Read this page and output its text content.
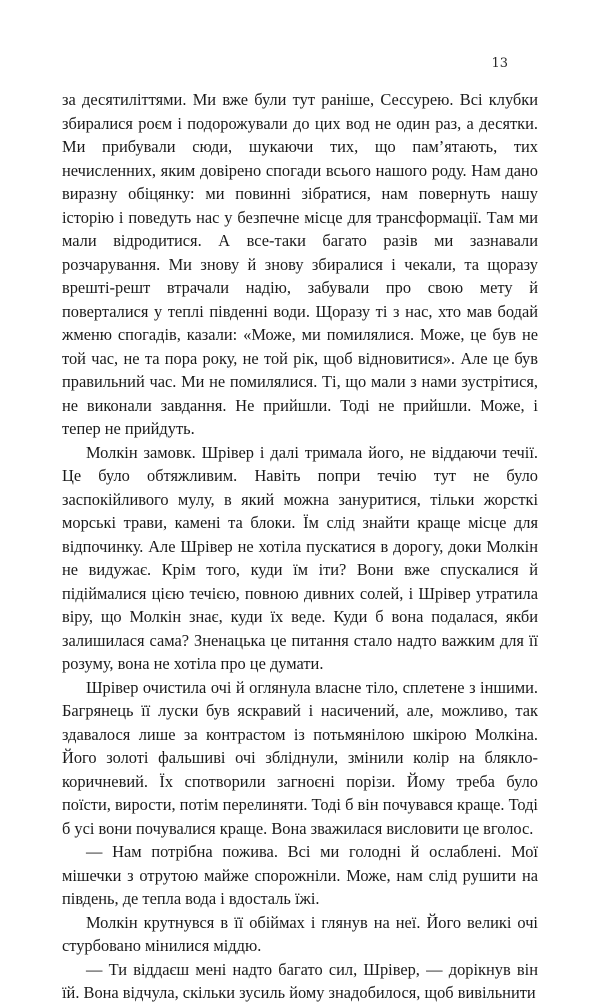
13

за десятиліттями. Ми вже були тут раніше, Сессурею. Всі клубки збиралися роєм і подорожували до цих вод не один раз, а десятки. Ми прибували сюди, шукаючи тих, що пам’ятають, тих нечисленних, яким довірено спогади всього нашого роду. Нам дано виразну обіцянку: ми повинні зібратися, нам повернуть нашу історію і поведуть нас у безпечне місце для трансформації. Там ми мали відродитися. А все-таки багато разів ми зазнавали розчарування. Ми знову й знову збиралися і чекали, та щоразу врешті-решт втрачали надію, забували про свою мету й поверталися у теплі південні води. Щоразу ті з нас, хто мав бодай жменю спогадів, казали: «Може, ми помилялися. Може, це був не той час, не та пора року, не той рік, щоб відновитися». Але це був правильний час. Ми не помилялися. Ті, що мали з нами зустрітися, не виконали завдання. Не прийшли. Тоді не прийшли. Може, і тепер не прийдуть.

Молкін замовк. Шрівер і далі тримала його, не віддаючи течії. Це було обтяжливим. Навіть попри течію тут не було заспокійливого мулу, в який можна зануритися, тільки жорсткі морські трави, камені та блоки. Їм слід знайти краще місце для відпочинку. Але Шрівер не хотіла пускатися в дорогу, доки Молкін не видужає. Крім того, куди їм іти? Вони вже спускалися й підіймалися цією течією, повною дивних солей, і Шрівер утратила віру, що Молкін знає, куди їх веде. Куди б вона подалася, якби залишилася сама? Зненацька це питання стало надто важким для її розуму, вона не хотіла про це думати.

Шрівер очистила очі й оглянула власне тіло, сплетене з іншими. Багрянець її луски був яскравий і насичений, але, можливо, так здавалося лише за контрастом із потьмянілою шкірою Молкіна. Його золоті фальшиві очі збліднули, змінили колір на блякло-коричневий. Їх спотворили загноєні порізи. Йому треба було поїсти, вирости, потім перелиняти. Тоді б він почувався краще. Тоді б усі вони почувалися краще. Вона зважилася висловити це вголос.

— Нам потрібна пожива. Всі ми голодні й ослаблені. Мої мішечки з отрутою майже спорожніли. Може, нам слід рушити на південь, де тепла вода і вдосталь їжі.

Молкін крутнувся в її обіймах і глянув на неї. Його великі очі стурбовано мінилися міддю.

— Ти віддаєш мені надто багато сил, Шрівер, — дорікнув він їй. Вона відчула, скільки зусиль йому знадобилося, щоб вивільнити
